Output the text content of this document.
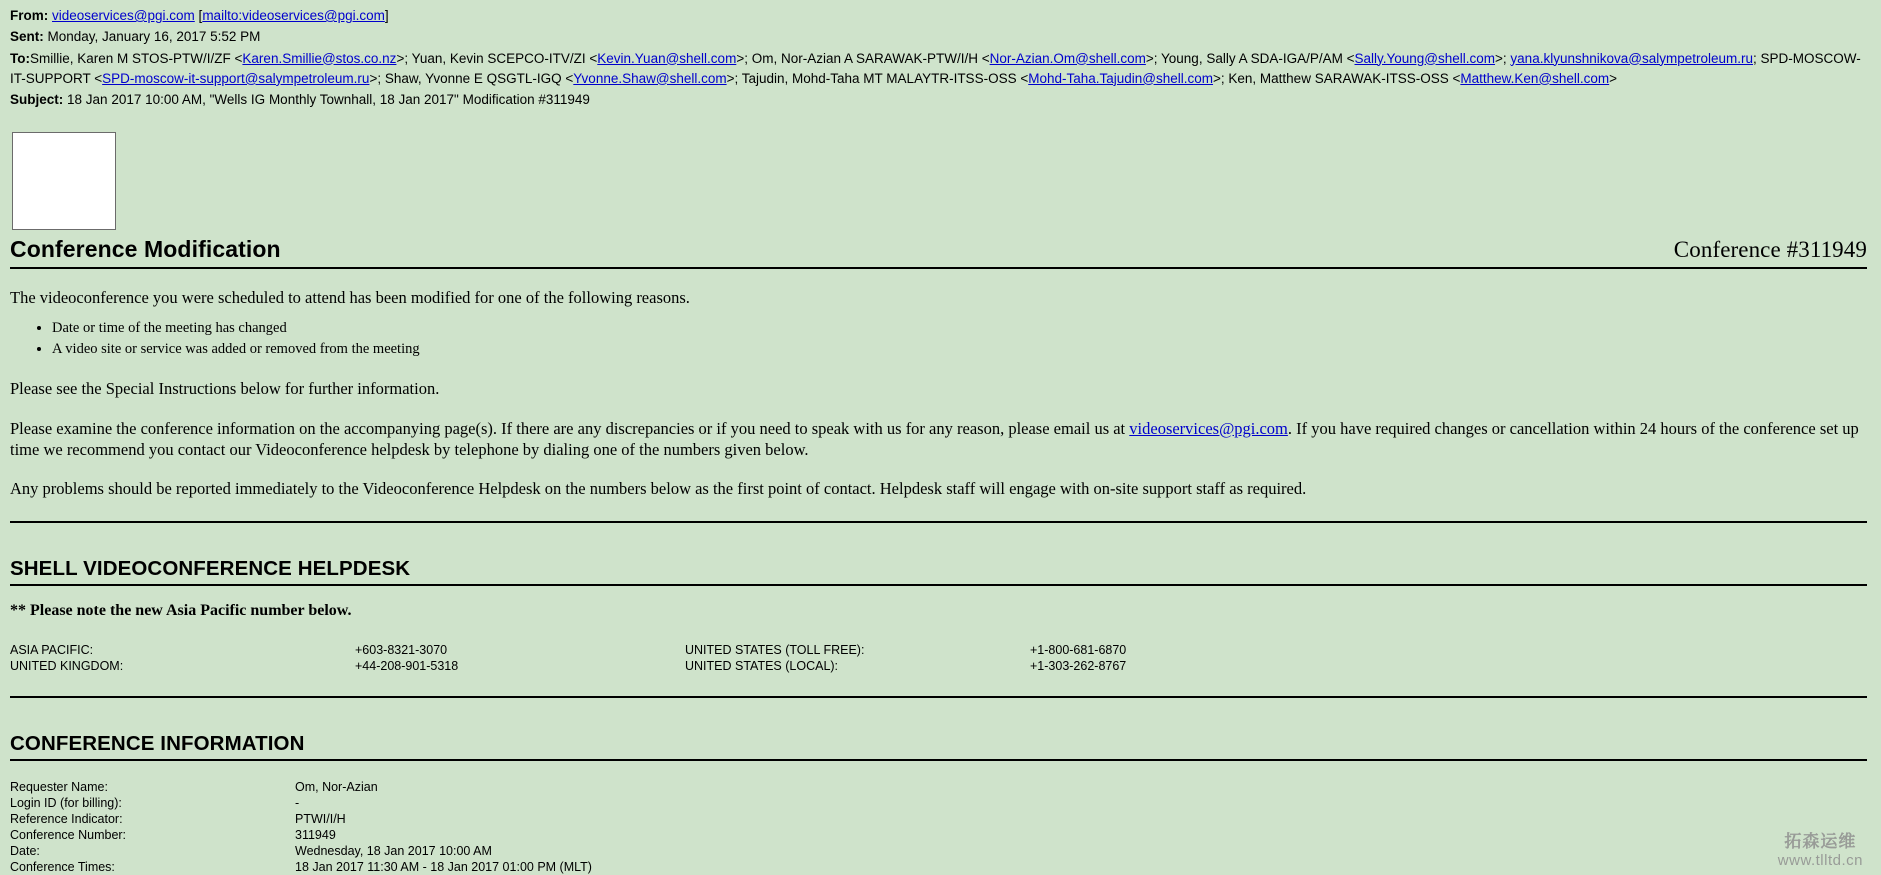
From: videoservices@pgi.com [mailto:videoservices@pgi.com]
Sent: Monday, January 16, 2017 5:52 PM
To:Smillie, Karen M STOS-PTW/I/ZF <Karen.Smillie@stos.co.nz>; Yuan, Kevin SCEPCO-ITV/ZI <Kevin.Yuan@shell.com>; Om, Nor-Azian A SARAWAK-PTW/I/H <Nor-Azian.Om@shell.com>; Young, Sally A SDA-IGA/P/AM <Sally.Young@shell.com>; yana.klyunshnikova@salympetroleum.ru; SPD-MOSCOW-IT-SUPPORT <SPD-moscow-it-support@salympetroleum.ru>; Shaw, Yvonne E QSGTL-IGQ <Yvonne.Shaw@shell.com>; Tajudin, Mohd-Taha MT MALAYTR-ITSS-OSS <Mohd-Taha.Tajudin@shell.com>; Ken, Matthew SARAWAK-ITSS-OSS <Matthew.Ken@shell.com>
Subject: 18 Jan 2017 10:00 AM, "Wells IG Monthly Townhall, 18 Jan 2017" Modification #311949
Conference Modification	Conference #311949

The videoconference you were scheduled to attend has been modified for one of the following reasons.

• Date or time of the meeting has changed
• A video site or service was added or removed from the meeting

Please see the Special Instructions below for further information.

Please examine the conference information on the accompanying page(s). If there are any discrepancies or if you need to speak with us for any reason, please email us at videoservices@pgi.com. If you have required changes or cancellation within 24 hours of the conference set up time we recommend you contact our Videoconference helpdesk by telephone by dialing one of the numbers given below.

Any problems should be reported immediately to the Videoconference Helpdesk on the numbers below as the first point of contact. Helpdesk staff will engage with on-site support staff as required.

SHELL VIDEOCONFERENCE HELPDESK

** Please note the new Asia Pacific number below.

ASIA PACIFIC:	+603-8321-3070	UNITED STATES (TOLL FREE):	+1-800-681-6870
UNITED KINGDOM:	+44-208-901-5318	UNITED STATES (LOCAL):	+1-303-262-8767
CONFERENCE INFORMATION
Requester Name:	Om, Nor-Azian
Login ID (for billing):	-
Reference Indicator:	PTWI/I/H
Conference Number:	311949
Date:	Wednesday, 18 Jan 2017 10:00 AM
Conference Times:	18 Jan 2017 11:30 AM - 18 Jan 2017 01:00 PM (MLT)
拓森运维
www.tlltd.cn
